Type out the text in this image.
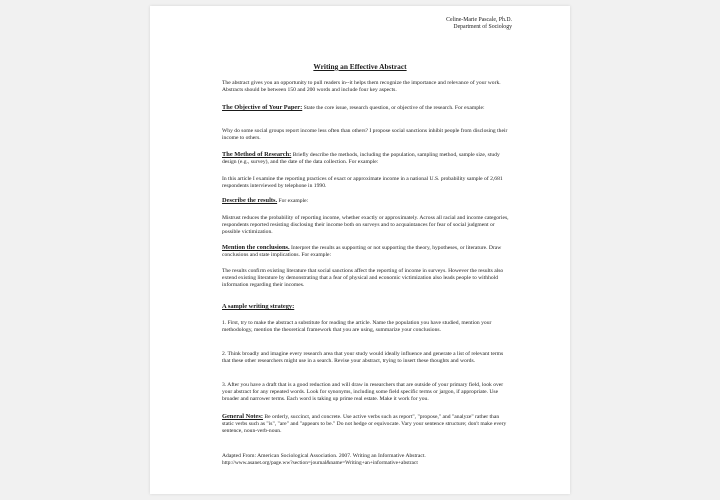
Celine-Marie Pascale, Ph.D.
Department of Sociology
Writing an Effective Abstract

The abstract gives you an opportunity to pull readers in--it helps them recognize the importance and relevance of your work. Abstracts should be between 150 and 200 words and include four key aspects.

The Objective of Your Paper: State the core issue, research question, or objective of the research. For example:

Why do some social groups report income less often than others? I propose social sanctions inhibit people from disclosing their income to others.

The Method of Research: Briefly describe the methods, including the population, sampling method, sample size, study design (e.g., survey), and the date of the data collection. For example:

In this article I examine the reporting practices of exact or approximate income in a national U.S. probability sample of 2,681 respondents interviewed by telephone in 1990.

Describe the results. For example:

Mistrust reduces the probability of reporting income, whether exactly or approximately. Across all racial and income categories, respondents reported resisting disclosing their income both on surveys and to acquaintances for fear of social judgment or possible victimization.

Mention the conclusions. Interpret the results as supporting or not supporting the theory, hypotheses, or literature. Draw conclusions and state implications. For example:

The results confirm existing literature that social sanctions affect the reporting of income in surveys. However the results also extend existing literature by demonstrating that a fear of physical and economic victimization also leads people to withhold information regarding their incomes.

A sample writing strategy:

1. First, try to make the abstract a substitute for reading the article. Name the population you have studied, mention your methodology, mention the theoretical framework that you are using, summarize your conclusions.

2. Think broadly and imagine every research area that your study would ideally influence and generate a list of relevant terms that these other researchers might use in a search. Revise your abstract, trying to insert these thoughts and words.

3. After you have a draft that is a good reduction and will draw in researchers that are outside of your primary field, look over your abstract for any repeated words. Look for synonyms, including some field specific terms or jargon, if appropriate. Use broader and narrower terms. Each word is taking up prime real estate. Make it work for you.

General Notes: Be orderly, succinct, and concrete. Use active verbs such as report", "propose," and "analyze" rather than static verbs such as "is", "are" and "appears to be." Do not hedge or equivocate. Vary your sentence structure; don't make every sentence, noun-verb-noun.

Adapted From: American Sociological Association. 2007. Writing an Informative Abstract.
http://www.asanet.org/page.ww?section=journal&name=Writing+an+informative+abstract
